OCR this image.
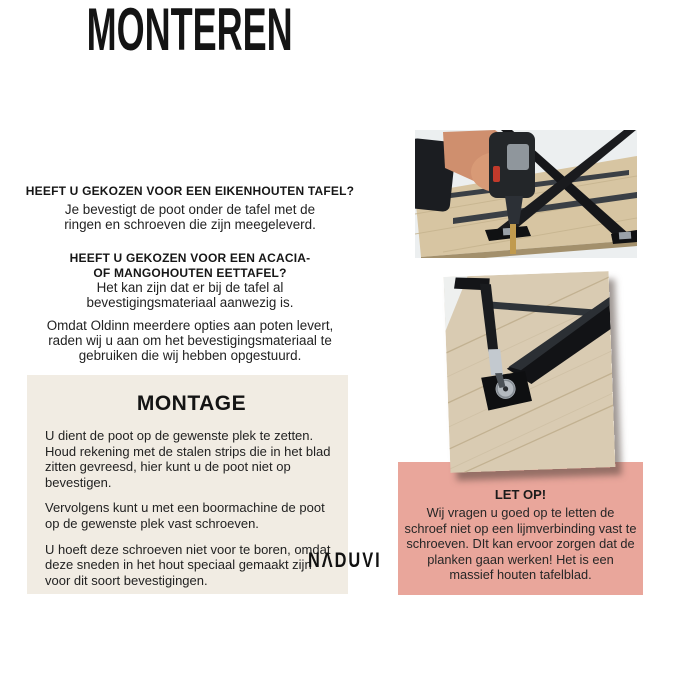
MONTEREN
HEEFT U GEKOZEN VOOR EEN EIKENHOUTEN TAFEL?
Je bevestigt de poot onder de tafel met de ringen en schroeven die zijn meegeleverd.
HEEFT U GEKOZEN VOOR EEN ACACIA- OF MANGOHOUTEN EETTAFEL?
Het kan zijn dat er bij de tafel al bevestigingsmateriaal aanwezig is.
Omdat Oldinn meerdere opties aan poten levert, raden wij u aan om het bevestigingsmateriaal te gebruiken die wij hebben opgestuurd.
MONTAGE

U dient de poot op de gewenste plek te zetten. Houd rekening met de stalen strips die in het blad zitten gevreesd, hier kunt u de poot niet op bevestigen.

Vervolgens kunt u met een boormachine de poot op de gewenste plek vast schroeven.

U hoeft deze schroeven niet voor te boren, omdat deze sneden in het hout speciaal gemaakt zijn voor dit soort bevestigingen.

NΛDUVI
LET OP!

Wij vragen u goed op te letten de schroef niet op een lijmverbinding vast te schroeven. DIt kan ervoor zorgen dat de planken gaan werken! Het is een massief houten tafelblad.
